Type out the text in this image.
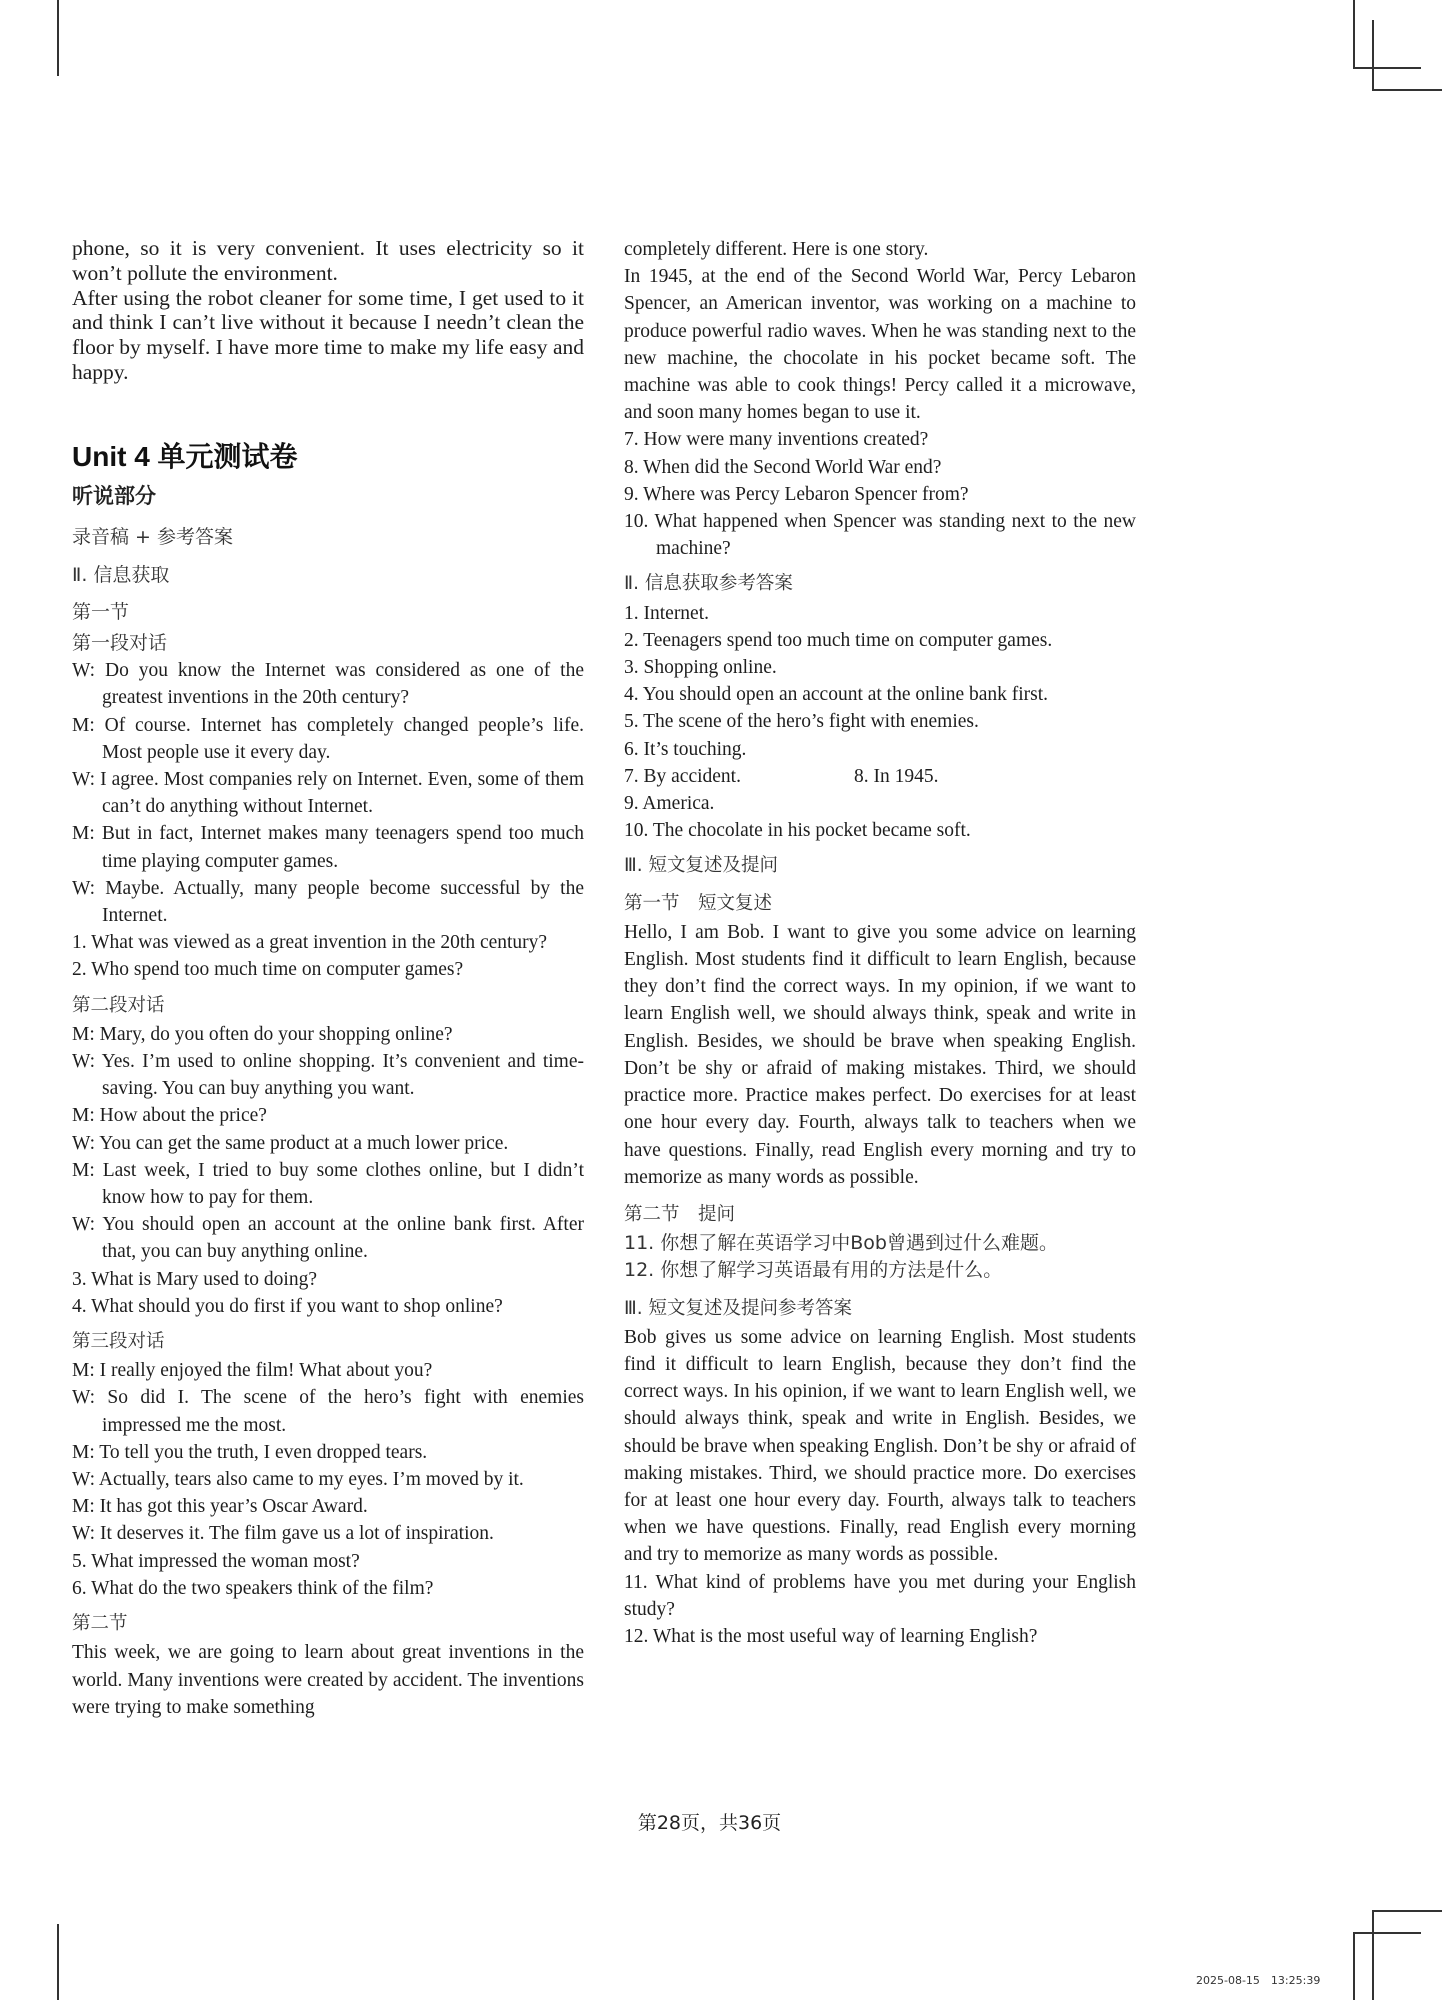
phone, so it is very convenient. It uses electricity so it won’t pollute the environment.

After using the robot cleaner for some time, I get used to it and think I can’t live without it because I needn’t clean the floor by myself. I have more time to make my life easy and happy.

Unit 4 单元测试卷
听说部分
录音稿 + 参考答案
Ⅱ. 信息获取
第一节
第一段对话

W: Do you know the Internet was considered as one of the greatest inventions in the 20th century?

M: Of course. Internet has completely changed people’s life. Most people use it every day.

W: I agree. Most companies rely on Internet. Even, some of them can’t do anything without Internet.

M: But in fact, Internet makes many teenagers spend too much time playing computer games.

W: Maybe. Actually, many people become successful by the Internet.

1. What was viewed as a great invention in the 20th century?

2. Who spend too much time on computer games?

第二段对话

M: Mary, do you often do your shopping online?

W: Yes. I’m used to online shopping. It’s convenient and time-saving. You can buy anything you want.

M: How about the price?

W: You can get the same product at a much lower price.

M: Last week, I tried to buy some clothes online, but I didn’t know how to pay for them.

W: You should open an account at the online bank first. After that, you can buy anything online.

3. What is Mary used to doing?

4. What should you do first if you want to shop online?

第三段对话

M: I really enjoyed the film! What about you?

W: So did I. The scene of the hero’s fight with enemies impressed me the most.

M: To tell you the truth, I even dropped tears.

W: Actually, tears also came to my eyes. I’m moved by it.

M: It has got this year’s Oscar Award.

W: It deserves it. The film gave us a lot of inspiration.

5. What impressed the woman most?

6. What do the two speakers think of the film?

第二节

This week, we are going to learn about great inventions in the world. Many inventions were created by accident. The inventions were trying to make something

completely different. Here is one story.

In 1945, at the end of the Second World War, Percy Lebaron Spencer, an American inventor, was working on a machine to produce powerful radio waves. When he was standing next to the new machine, the chocolate in his pocket became soft. The machine was able to cook things! Percy called it a microwave, and soon many homes began to use it.

7. How were many inventions created?

8. When did the Second World War end?

9. Where was Percy Lebaron Spencer from?

10. What happened when Spencer was standing next to the new machine?

Ⅱ. 信息获取参考答案

1. Internet.

2. Teenagers spend too much time on computer games.

3. Shopping online.

4. You should open an account at the online bank first.

5. The scene of the hero’s fight with enemies.

6. It’s touching.

7. By accident.	8. In 1945.

9. America.

10. The chocolate in his pocket became soft.

Ⅲ. 短文复述及提问
第一节　短文复述

Hello, I am Bob. I want to give you some advice on learning English. Most students find it difficult to learn English, because they don’t find the correct ways. In my opinion, if we want to learn English well, we should always think, speak and write in English. Besides, we should be brave when speaking English. Don’t be shy or afraid of making mistakes. Third, we should practice more. Practice makes perfect. Do exercises for at least one hour every day. Fourth, always talk to teachers when we have questions. Finally, read English every morning and try to memorize as many words as possible.

第二节　提问

11. 你想了解在英语学习中Bob曾遇到过什么难题。

12. 你想了解学习英语最有用的方法是什么。

Ⅲ. 短文复述及提问参考答案

Bob gives us some advice on learning English. Most students find it difficult to learn English, because they don’t find the correct ways. In his opinion, if we want to learn English well, we should always think, speak and write in English. Besides, we should be brave when speaking English. Don’t be shy or afraid of making mistakes. Third, we should practice more. Do exercises for at least one hour every day. Fourth, always talk to teachers when we have questions. Finally, read English every morning and try to memorize as many words as possible.

11. What kind of problems have you met during your English study?

12. What is the most useful way of learning English?

第28页，共36页
2025-08-15　13:25:39
